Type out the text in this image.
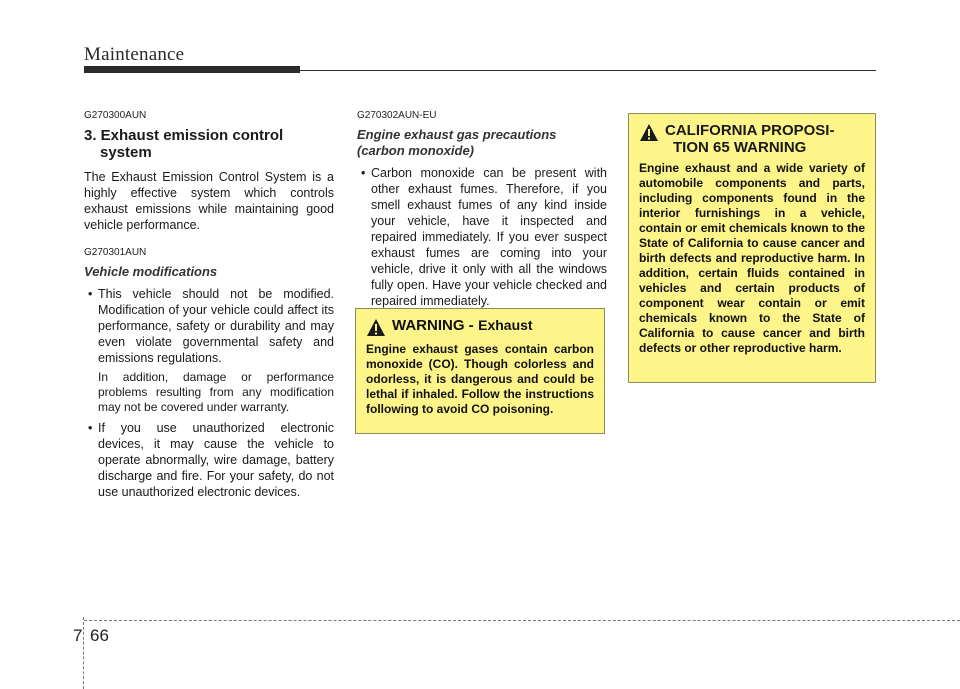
Maintenance

G270300AUN

3. Exhaust emission control
system

The Exhaust Emission Control System is a highly effective system which controls exhaust emissions while maintaining good vehicle performance.

G270301AUN

Vehicle modifications

• This vehicle should not be modified. Modification of your vehicle could affect its performance, safety or durability and may even violate governmental safety and emissions regulations.
In addition, damage or performance problems resulting from any modification may not be covered under warranty.
• If you use unauthorized electronic devices, it may cause the vehicle to operate abnormally, wire damage, battery discharge and fire. For your safety, do not use unauthorized electronic devices.

G270302AUN-EU

Engine exhaust gas precautions (carbon monoxide)

• Carbon monoxide can be present with other exhaust fumes. Therefore, if you smell exhaust fumes of any kind inside your vehicle, have it inspected and repaired immediately. If you ever suspect exhaust fumes are coming into your vehicle, drive it only with all the windows fully open. Have your vehicle checked and repaired immediately.
WARNING - Exhaust
Engine exhaust gases contain carbon monoxide (CO). Though colorless and odorless, it is dangerous and could be lethal if inhaled. Follow the instructions following to avoid CO poisoning.
CALIFORNIA PROPOSI-
TION 65 WARNING
Engine exhaust and a wide variety of automobile components and parts, including components found in the interior furnishings in a vehicle, contain or emit chemicals known to the State of California to cause cancer and birth defects and reproductive harm. In addition, certain fluids contained in vehicles and certain products of component wear contain or emit chemicals known to the State of California to cause cancer and birth defects or other reproductive harm.
7 66
